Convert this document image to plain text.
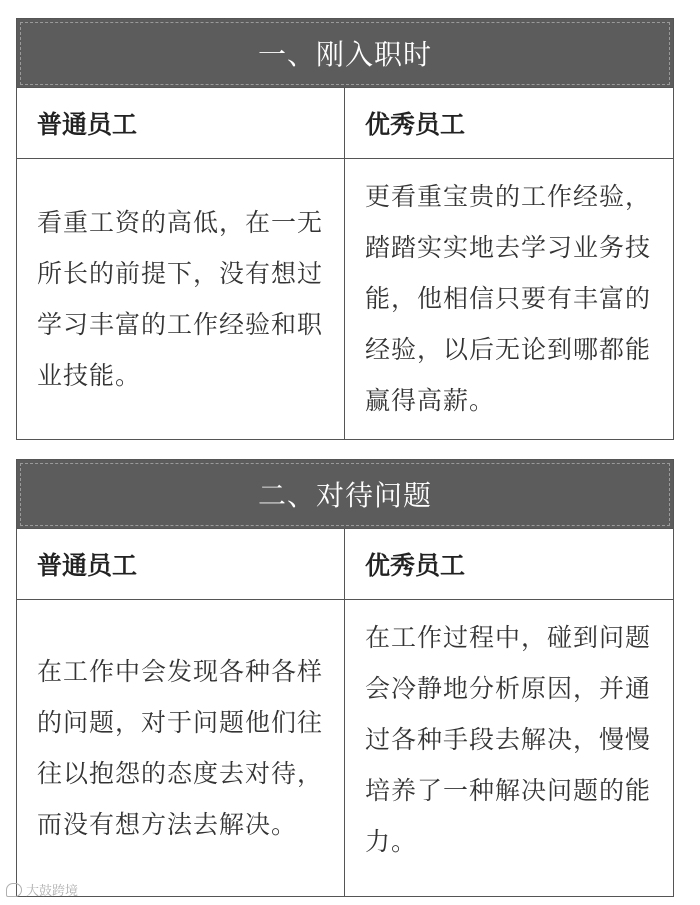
一、刚入职时
普通员工	优秀员工
看重工资的高低，在一无所长的前提下，没有想过学习丰富的工作经验和职业技能。
更看重宝贵的工作经验，踏踏实实地去学习业务技能，他相信只要有丰富的经验，以后无论到哪都能赢得高薪。
二、对待问题
普通员工	优秀员工
在工作中会发现各种各样的问题，对于问题他们往往以抱怨的态度去对待，而没有想方法去解决。
在工作过程中，碰到问题会冷静地分析原因，并通过各种手段去解决，慢慢培养了一种解决问题的能力。
大鼓跨境
